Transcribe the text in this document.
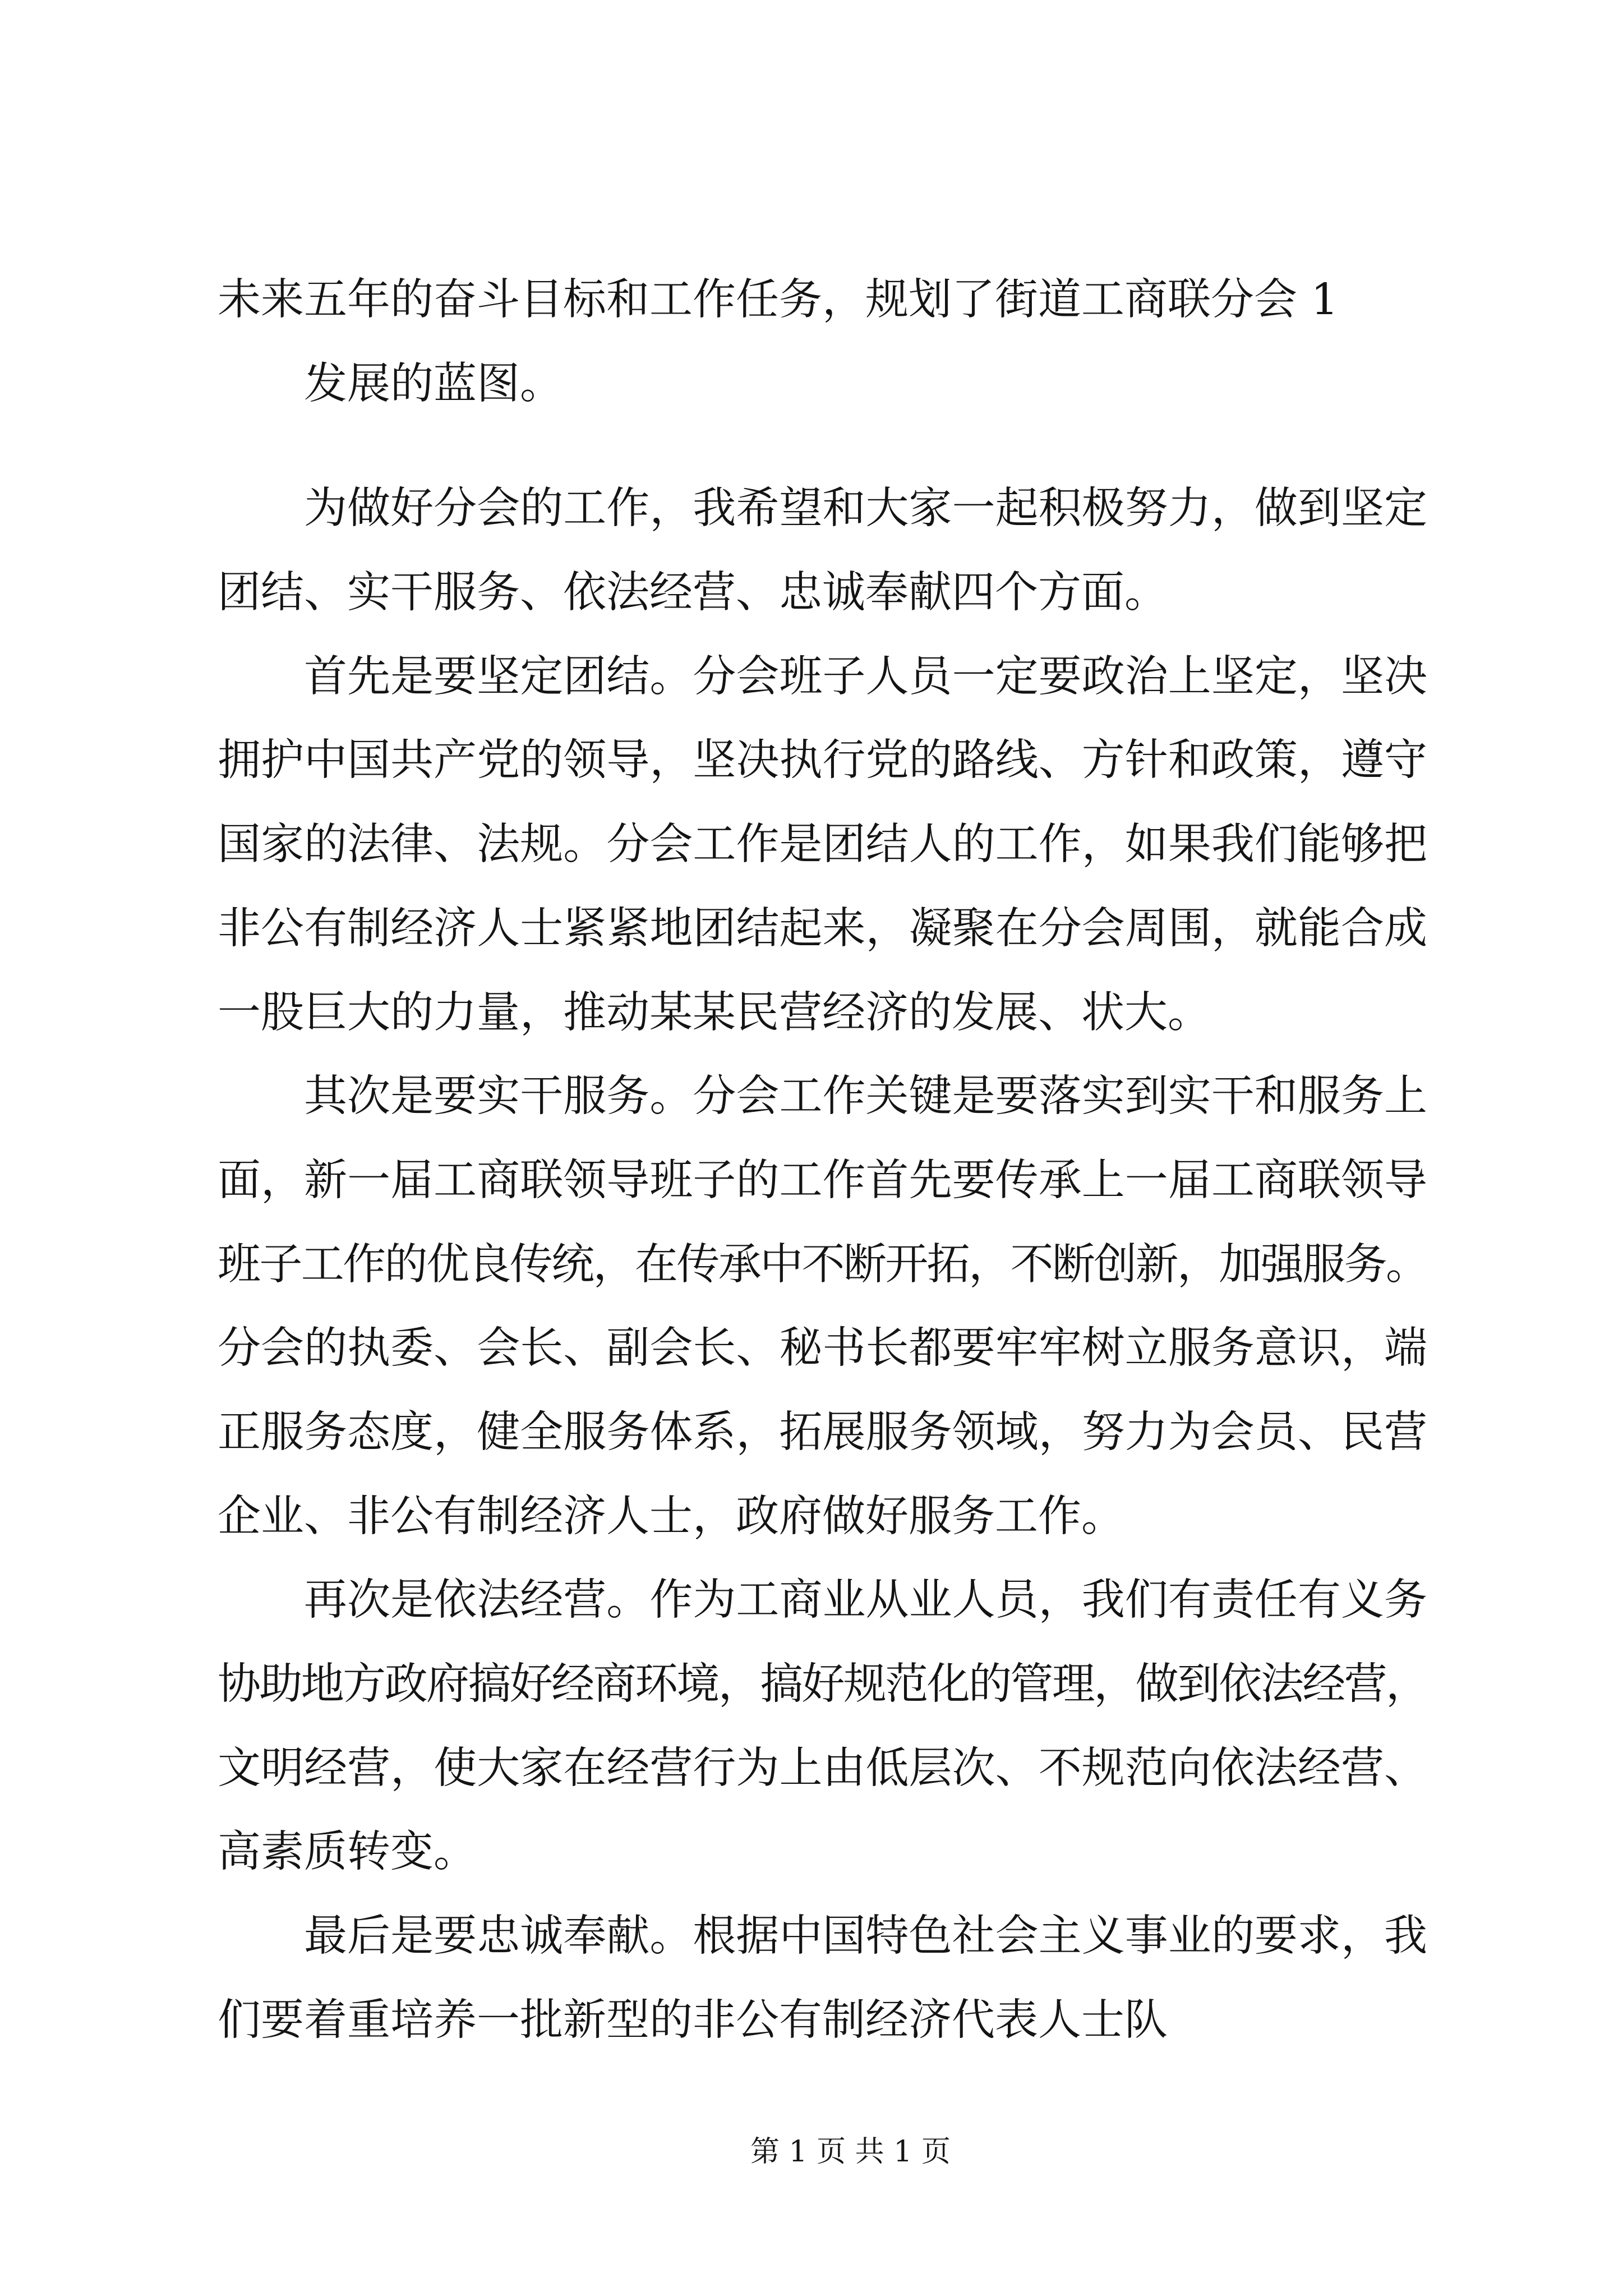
未来五年的奋斗目标和工作任务，规划了街道工商联分会 1
发展的蓝图。
为做好分会的工作，我希望和大家一起积极努力，做到坚定
团结、实干服务、依法经营、忠诚奉献四个方面。
首先是要坚定团结。分会班子人员一定要政治上坚定，坚决
拥护中国共产党的领导，坚决执行党的路线、方针和政策，遵守
国家的法律、法规。分会工作是团结人的工作，如果我们能够把
非公有制经济人士紧紧地团结起来，凝聚在分会周围，就能合成
一股巨大的力量，推动某某民营经济的发展、状大。
其次是要实干服务。分会工作关键是要落实到实干和服务上
面，新一届工商联领导班子的工作首先要传承上一届工商联领导
班子工作的优良传统，在传承中不断开拓，不断创新，加强服务。
分会的执委、会长、副会长、秘书长都要牢牢树立服务意识，端
正服务态度，健全服务体系，拓展服务领域，努力为会员、民营
企业、非公有制经济人士，政府做好服务工作。
再次是依法经营。作为工商业从业人员，我们有责任有义务
协助地方政府搞好经商环境，搞好规范化的管理，做到依法经营，
文明经营，使大家在经营行为上由低层次、不规范向依法经营、
高素质转变。
最后是要忠诚奉献。根据中国特色社会主义事业的要求，我
们要着重培养一批新型的非公有制经济代表人士队
第 1 页 共 1 页
